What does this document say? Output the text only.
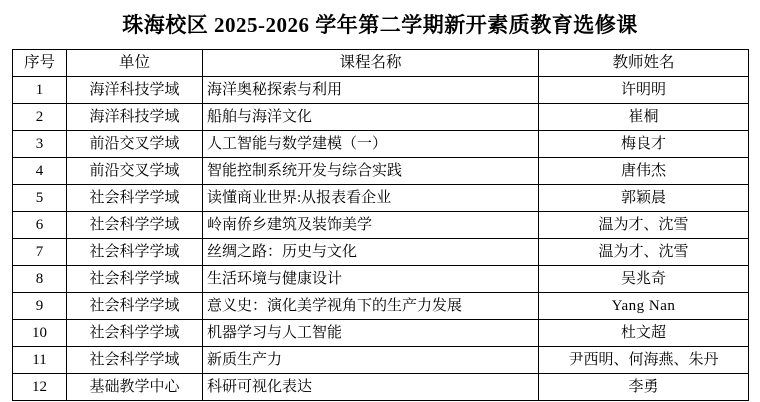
珠海校区 2025-2026 学年第二学期新开素质教育选修课
序号	单位	课程名称	教师姓名
1	海洋科技学域	海洋奥秘探索与利用	许明明
2	海洋科技学域	船舶与海洋文化	崔桐
3	前沿交叉学域	人工智能与数学建模（一）	梅良才
4	前沿交叉学域	智能控制系统开发与综合实践	唐伟杰
5	社会科学学域	读懂商业世界:从报表看企业	郭颖晨
6	社会科学学域	岭南侨乡建筑及装饰美学	温为才、沈雪
7	社会科学学域	丝绸之路：历史与文化	温为才、沈雪
8	社会科学学域	生活环境与健康设计	吴兆奇
9	社会科学学域	意义史：演化美学视角下的生产力发展	Yang Nan
10	社会科学学域	机器学习与人工智能	杜文超
11	社会科学学域	新质生产力	尹西明、何海燕、朱丹
12	基础教学中心	科研可视化表达	李勇
